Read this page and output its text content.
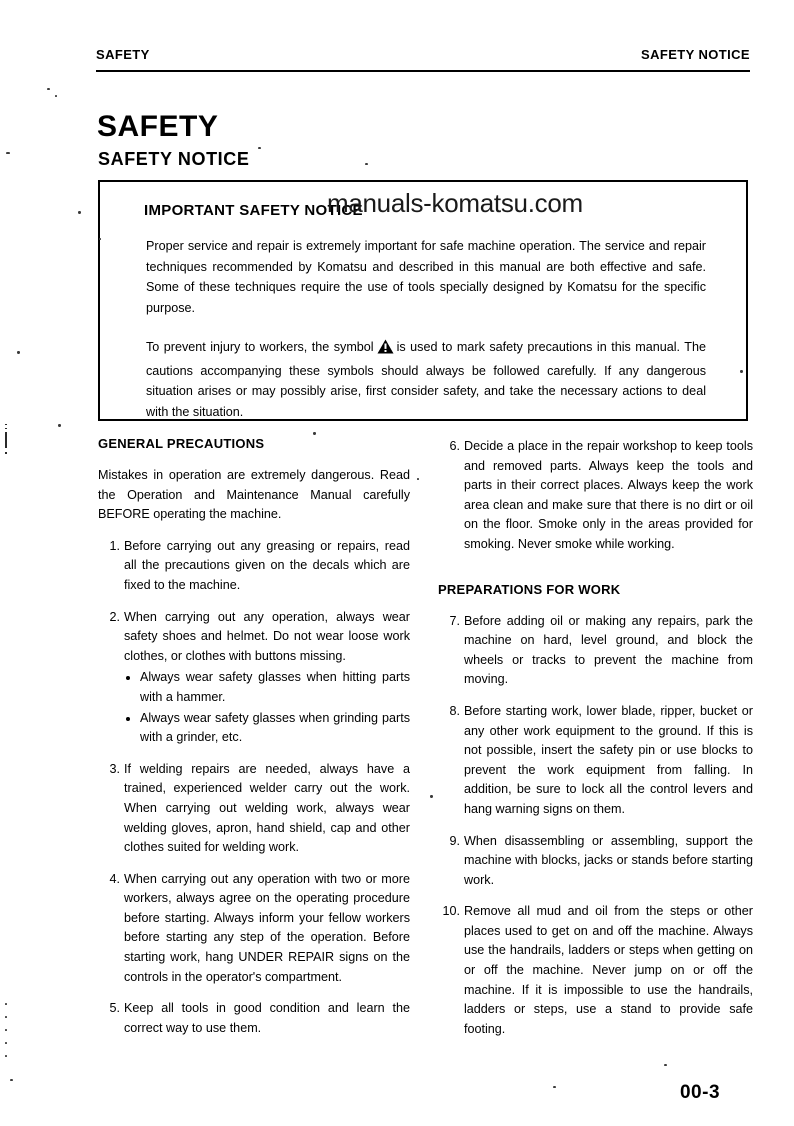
SAFETY	SAFETY NOTICE
SAFETY
SAFETY NOTICE
IMPORTANT SAFETY NOTICE

Proper service and repair is extremely important for safe machine operation. The service and repair techniques recommended by Komatsu and described in this manual are both effective and safe. Some of these techniques require the use of tools specially designed by Komatsu for the specific purpose.

To prevent injury to workers, the symbol is used to mark safety precautions in this manual. The cautions accompanying these symbols should always be followed carefully. If any dangerous situation arises or may possibly arise, first consider safety, and take the necessary actions to deal with the situation.

manuals-komatsu.com
GENERAL PRECAUTIONS

Mistakes in operation are extremely dangerous. Read the Operation and Maintenance Manual carefully BEFORE operating the machine.

1. Before carrying out any greasing or repairs, read all the precautions given on the decals which are fixed to the machine.
2. When carrying out any operation, always wear safety shoes and helmet. Do not wear loose work clothes, or clothes with buttons missing.
Always wear safety glasses when hitting parts with a hammer.
Always wear safety glasses when grinding parts with a grinder, etc.
3. If welding repairs are needed, always have a trained, experienced welder carry out the work. When carrying out welding work, always wear welding gloves, apron, hand shield, cap and other clothes suited for welding work.
4. When carrying out any operation with two or more workers, always agree on the operating procedure before starting. Always inform your fellow workers before starting any step of the operation. Before starting work, hang UNDER REPAIR signs on the controls in the operator's compartment.
5. Keep all tools in good condition and learn the correct way to use them.
6. Decide a place in the repair workshop to keep tools and removed parts. Always keep the tools and parts in their correct places. Always keep the work area clean and make sure that there is no dirt or oil on the floor. Smoke only in the areas provided for smoking. Never smoke while working.
PREPARATIONS FOR WORK
7. Before adding oil or making any repairs, park the machine on hard, level ground, and block the wheels or tracks to prevent the machine from moving.
8. Before starting work, lower blade, ripper, bucket or any other work equipment to the ground. If this is not possible, insert the safety pin or use blocks to prevent the work equipment from falling. In addition, be sure to lock all the control levers and hang warning signs on them.
9. When disassembling or assembling, support the machine with blocks, jacks or stands before starting work.
10. Remove all mud and oil from the steps or other places used to get on and off the machine. Always use the handrails, ladders or steps when getting on or off the machine. Never jump on or off the machine. If it is impossible to use the handrails, ladders or steps, use a stand to provide safe footing.
00-3
